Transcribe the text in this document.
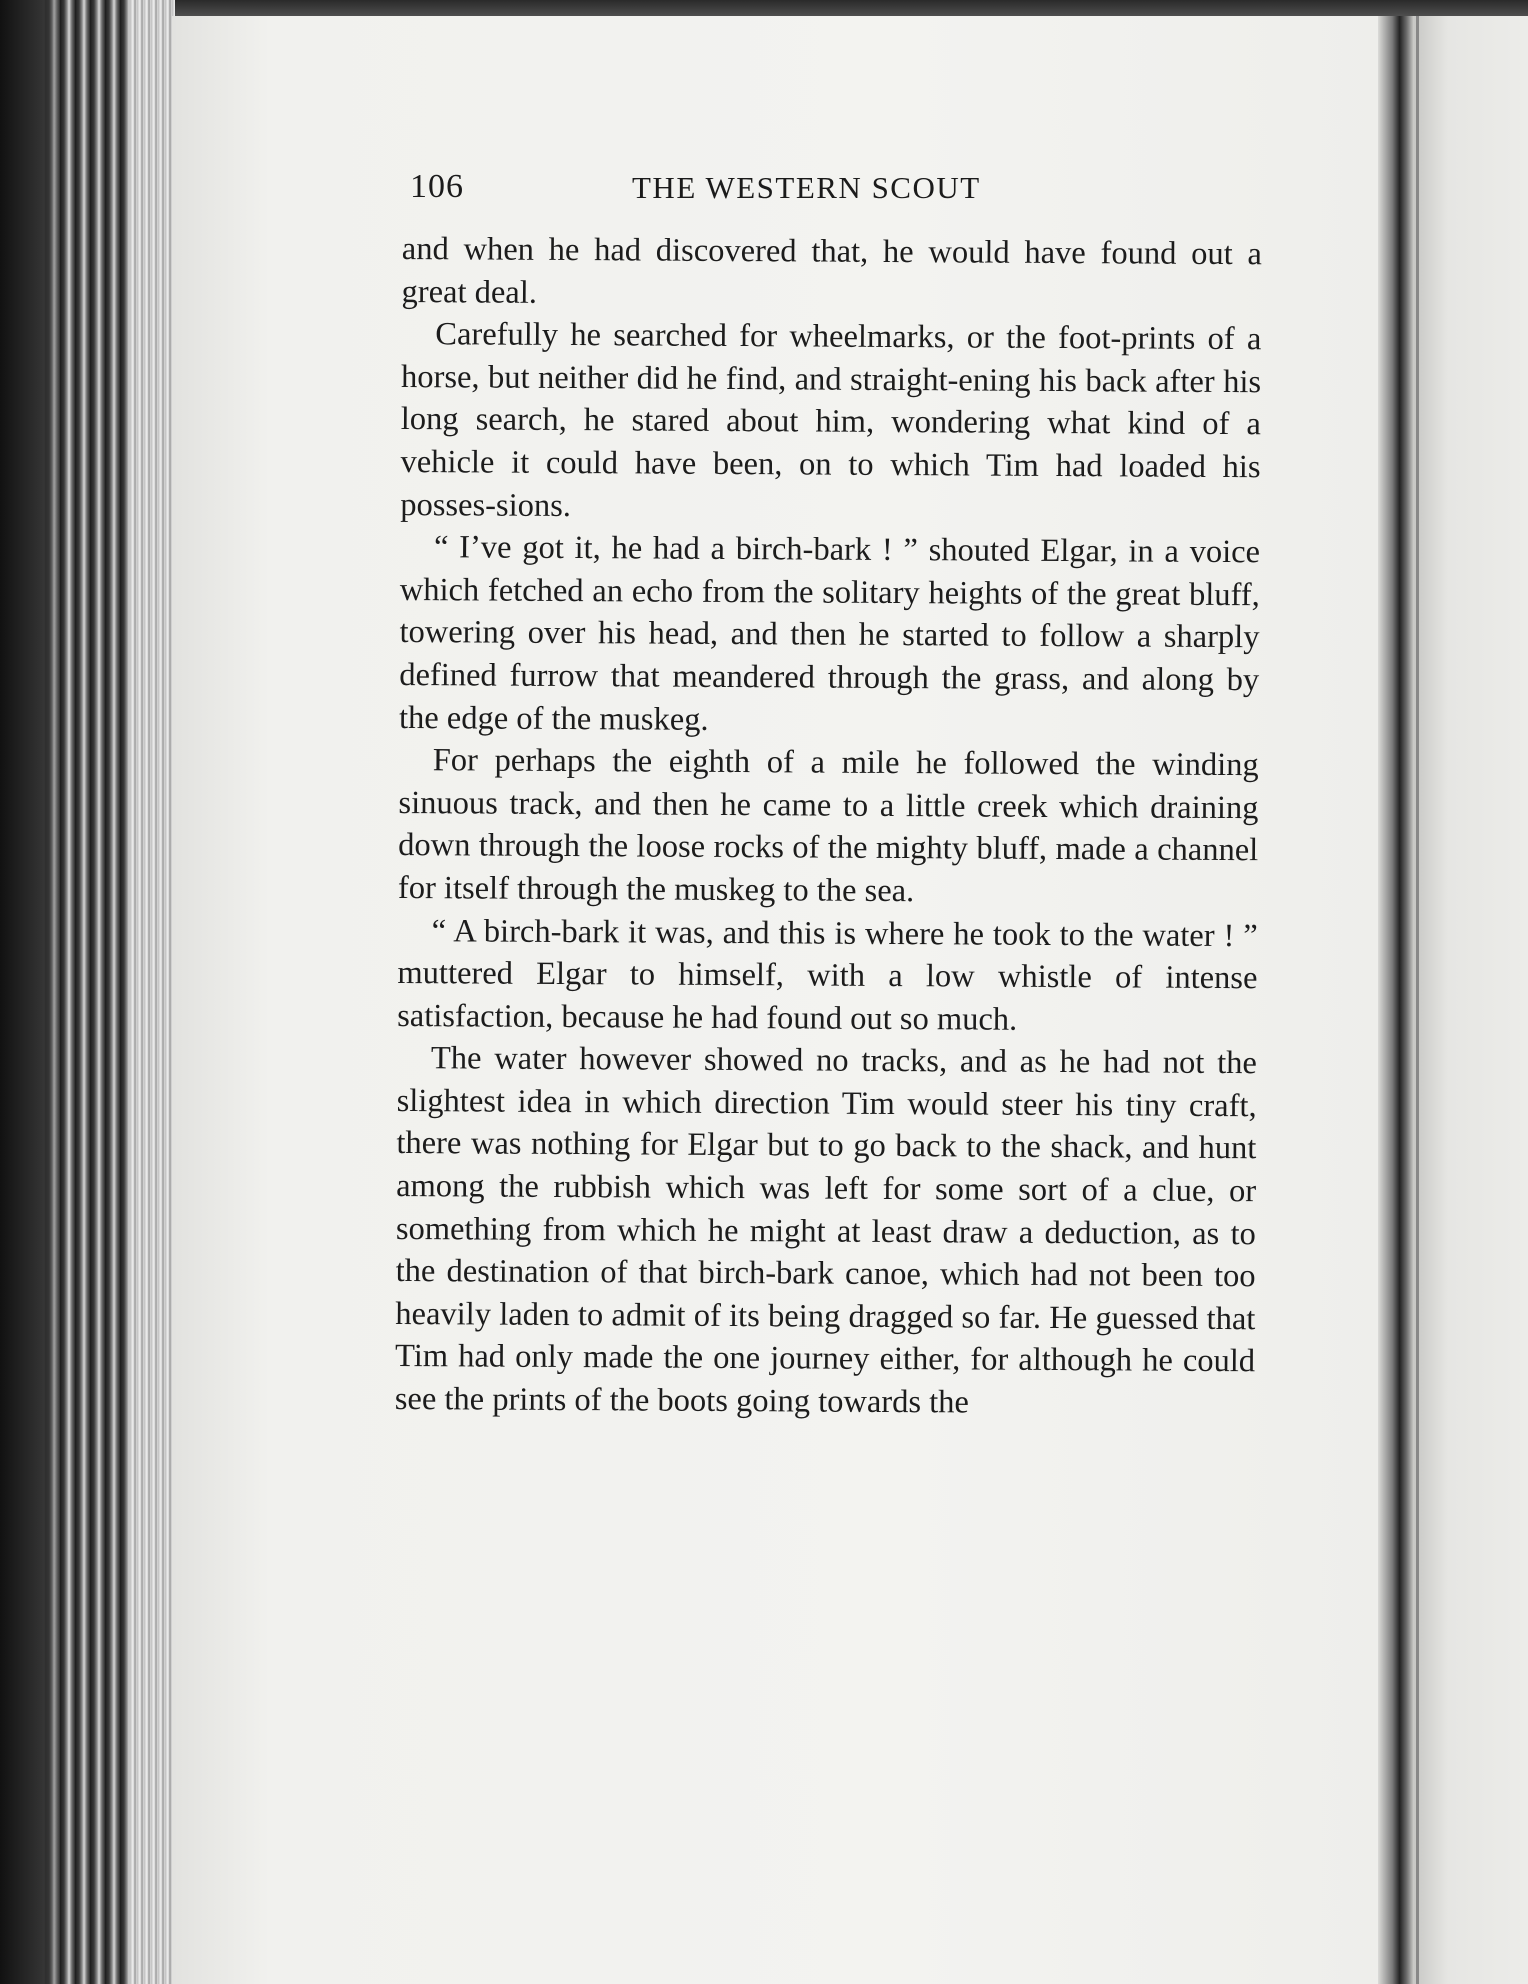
106	THE WESTERN SCOUT

and when he had discovered that, he would have found out a great deal.

Carefully he searched for wheelmarks, or the foot-prints of a horse, but neither did he find, and straight-ening his back after his long search, he stared about him, wondering what kind of a vehicle it could have been, on to which Tim had loaded his posses-sions.

“ I’ve got it, he had a birch-bark ! ” shouted Elgar, in a voice which fetched an echo from the solitary heights of the great bluff, towering over his head, and then he started to follow a sharply defined furrow that meandered through the grass, and along by the edge of the muskeg.

For perhaps the eighth of a mile he followed the winding sinuous track, and then he came to a little creek which draining down through the loose rocks of the mighty bluff, made a channel for itself through the muskeg to the sea.

“ A birch-bark it was, and this is where he took to the water ! ” muttered Elgar to himself, with a low whistle of intense satisfaction, because he had found out so much.

The water however showed no tracks, and as he had not the slightest idea in which direction Tim would steer his tiny craft, there was nothing for Elgar but to go back to the shack, and hunt among the rubbish which was left for some sort of a clue, or something from which he might at least draw a deduction, as to the destination of that birch-bark canoe, which had not been too heavily laden to admit of its being dragged so far. He guessed that Tim had only made the one journey either, for although he could see the prints of the boots going towards the
